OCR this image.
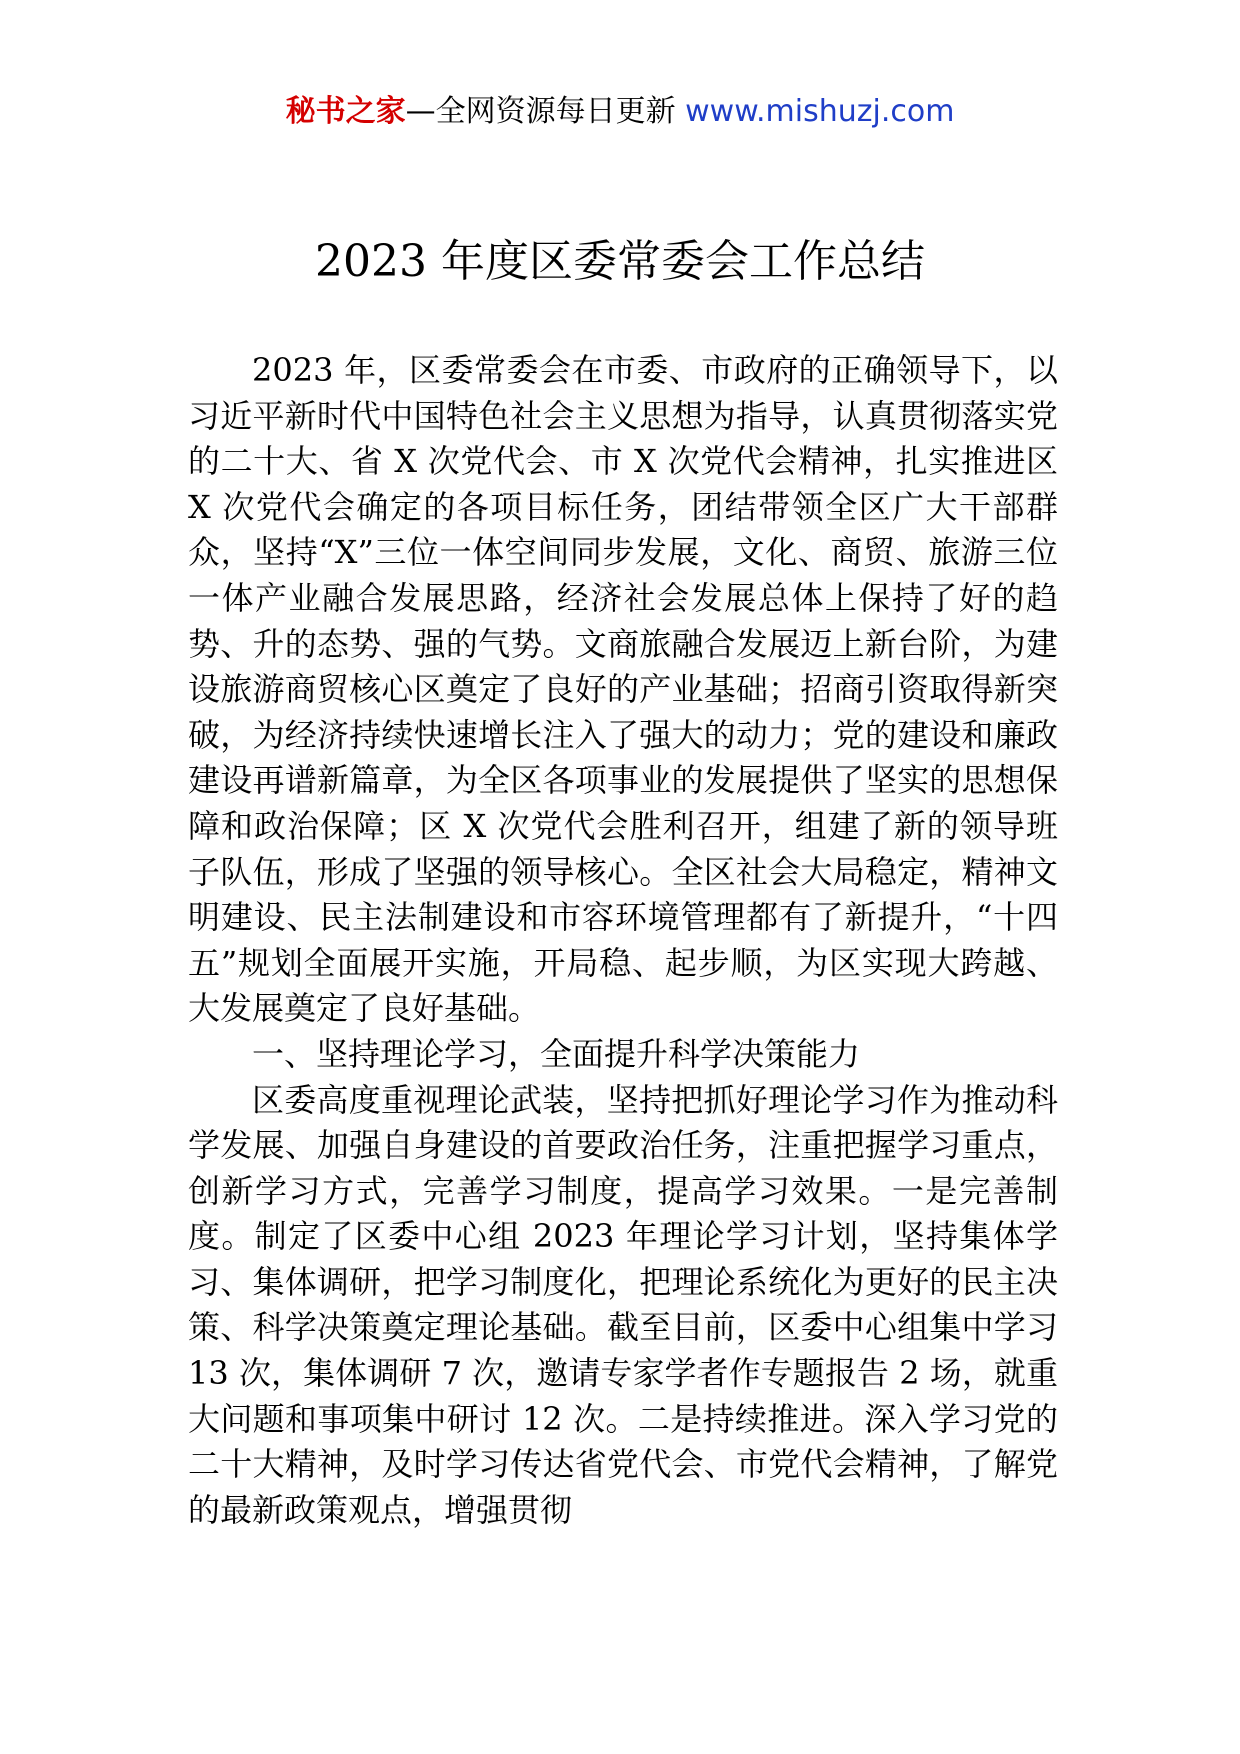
秘书之家—全网资源每日更新 www.mishuzj.com
2023 年度区委常委会工作总结

2023 年，区委常委会在市委、市政府的正确领导下，以习近平新时代中国特色社会主义思想为指导，认真贯彻落实党的二十大、省 X 次党代会、市 X 次党代会精神，扎实推进区 X 次党代会确定的各项目标任务，团结带领全区广大干部群众，坚持“X”三位一体空间同步发展，文化、商贸、旅游三位一体产业融合发展思路，经济社会发展总体上保持了好的趋势、升的态势、强的气势。文商旅融合发展迈上新台阶，为建设旅游商贸核心区奠定了良好的产业基础；招商引资取得新突破，为经济持续快速增长注入了强大的动力；党的建设和廉政建设再谱新篇章，为全区各项事业的发展提供了坚实的思想保障和政治保障；区 X 次党代会胜利召开，组建了新的领导班子队伍，形成了坚强的领导核心。全区社会大局稳定，精神文明建设、民主法制建设和市容环境管理都有了新提升，“十四五”规划全面展开实施，开局稳、起步顺，为区实现大跨越、大发展奠定了良好基础。

一、坚持理论学习，全面提升科学决策能力

区委高度重视理论武装，坚持把抓好理论学习作为推动科学发展、加强自身建设的首要政治任务，注重把握学习重点，创新学习方式，完善学习制度，提高学习效果。一是完善制度。制定了区委中心组 2023 年理论学习计划，坚持集体学习、集体调研，把学习制度化，把理论系统化为更好的民主决策、科学决策奠定理论基础。截至目前，区委中心组集中学习 13 次，集体调研 7 次，邀请专家学者作专题报告 2 场，就重大问题和事项集中研讨 12 次。二是持续推进。深入学习党的二十大精神，及时学习传达省党代会、市党代会精神，了解党的最新政策观点，增强贯彻
